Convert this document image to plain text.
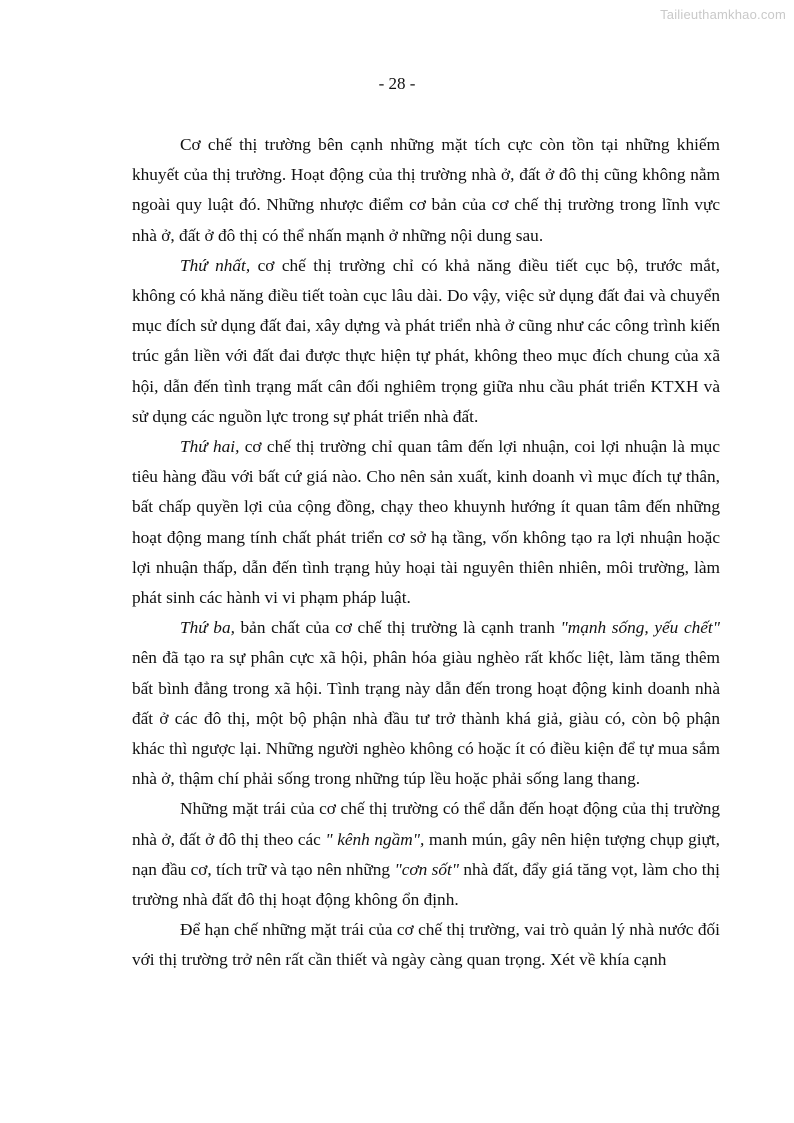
Tailieuthamkhao.com
- 28 -

Cơ chế thị trường bên cạnh những mặt tích cực còn tồn tại những khiếm khuyết của thị trường. Hoạt động của thị trường nhà ở, đất ở đô thị cũng không nằm ngoài quy luật đó. Những nhược điểm cơ bản của cơ chế thị trường trong lĩnh vực nhà ở, đất ở đô thị có thể nhấn mạnh ở những nội dung sau.

Thứ nhất, cơ chế thị trường chỉ có khả năng điều tiết cục bộ, trước mắt, không có khả năng điều tiết toàn cục lâu dài. Do vậy, việc sử dụng đất đai và chuyển mục đích sử dụng đất đai, xây dựng và phát triển nhà ở cũng như các công trình kiến trúc gắn liền với đất đai được thực hiện tự phát, không theo mục đích chung của xã hội, dẫn đến tình trạng mất cân đối nghiêm trọng giữa nhu cầu phát triển KTXH và sử dụng các nguồn lực trong sự phát triển nhà đất.

Thứ hai, cơ chế thị trường chỉ quan tâm đến lợi nhuận, coi lợi nhuận là mục tiêu hàng đầu với bất cứ giá nào. Cho nên sản xuất, kinh doanh vì mục đích tự thân, bất chấp quyền lợi của cộng đồng, chạy theo khuynh hướng ít quan tâm đến những hoạt động mang tính chất phát triển cơ sở hạ tầng, vốn không tạo ra lợi nhuận hoặc lợi nhuận thấp, dẫn đến tình trạng hủy hoại tài nguyên thiên nhiên, môi trường, làm phát sinh các hành vi vi phạm pháp luật.

Thứ ba, bản chất của cơ chế thị trường là cạnh tranh "mạnh sống, yếu chết" nên đã tạo ra sự phân cực xã hội, phân hóa giàu nghèo rất khốc liệt, làm tăng thêm bất bình đẳng trong xã hội. Tình trạng này dẫn đến trong hoạt động kinh doanh nhà đất ở các đô thị, một bộ phận nhà đầu tư trở thành khá giả, giàu có, còn bộ phận khác thì ngược lại. Những người nghèo không có hoặc ít có điều kiện để tự mua sắm nhà ở, thậm chí phải sống trong những túp lều hoặc phải sống lang thang.

Những mặt trái của cơ chế thị trường có thể dẫn đến hoạt động của thị trường nhà ở, đất ở đô thị theo các " kênh ngầm", manh mún, gây nên hiện tượng chụp giựt, nạn đầu cơ, tích trữ và tạo nên những "cơn sốt" nhà đất, đẩy giá tăng vọt, làm cho thị trường nhà đất đô thị hoạt động không ổn định.

Để hạn chế những mặt trái của cơ chế thị trường, vai trò quản lý nhà nước đối với thị trường trở nên rất cần thiết và ngày càng quan trọng. Xét về khía cạnh
